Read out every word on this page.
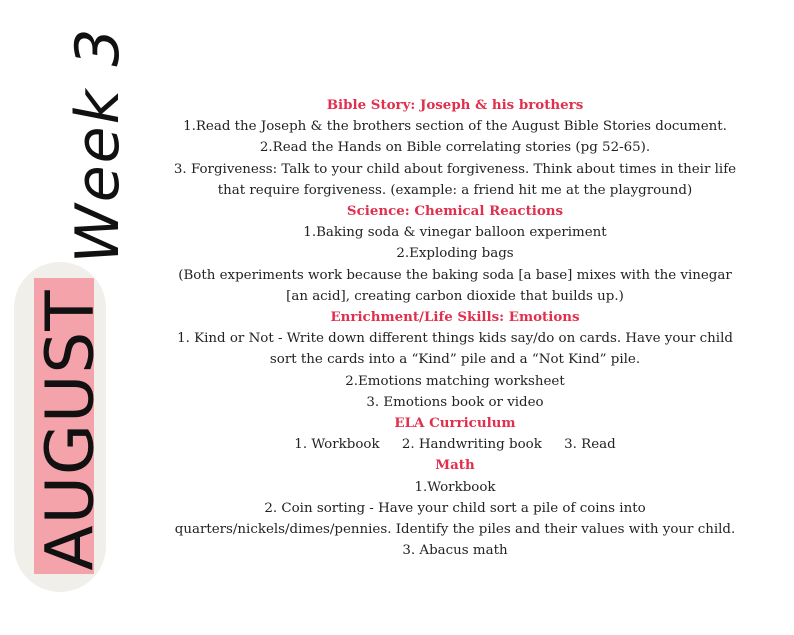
AUGUST
Week 3	Bible Story: Joseph & his brothers
1.Read the Joseph & the brothers section of the August Bible Stories document.
2.Read the Hands on Bible correlating stories (pg 52-65).
3. Forgiveness: Talk to your child about forgiveness. Think about times in their life
that require forgiveness. (example: a friend hit me at the playground)
Science: Chemical Reactions
1.Baking soda & vinegar balloon experiment
2.Exploding bags
(Both experiments work because the baking soda [a base] mixes with the vinegar
[an acid], creating carbon dioxide that builds up.)
Enrichment/Life Skills: Emotions
1. Kind or Not - Write down different things kids say/do on cards. Have your child
sort the cards into a “Kind” pile and a “Not Kind” pile.
2.Emotions matching worksheet
3. Emotions book or video
ELA Curriculum
1. Workbook 2. Handwriting book 3. Read
Math
1.Workbook
2. Coin sorting - Have your child sort a pile of coins into
quarters/nickels/dimes/pennies. Identify the piles and their values with your child.
3. Abacus math
